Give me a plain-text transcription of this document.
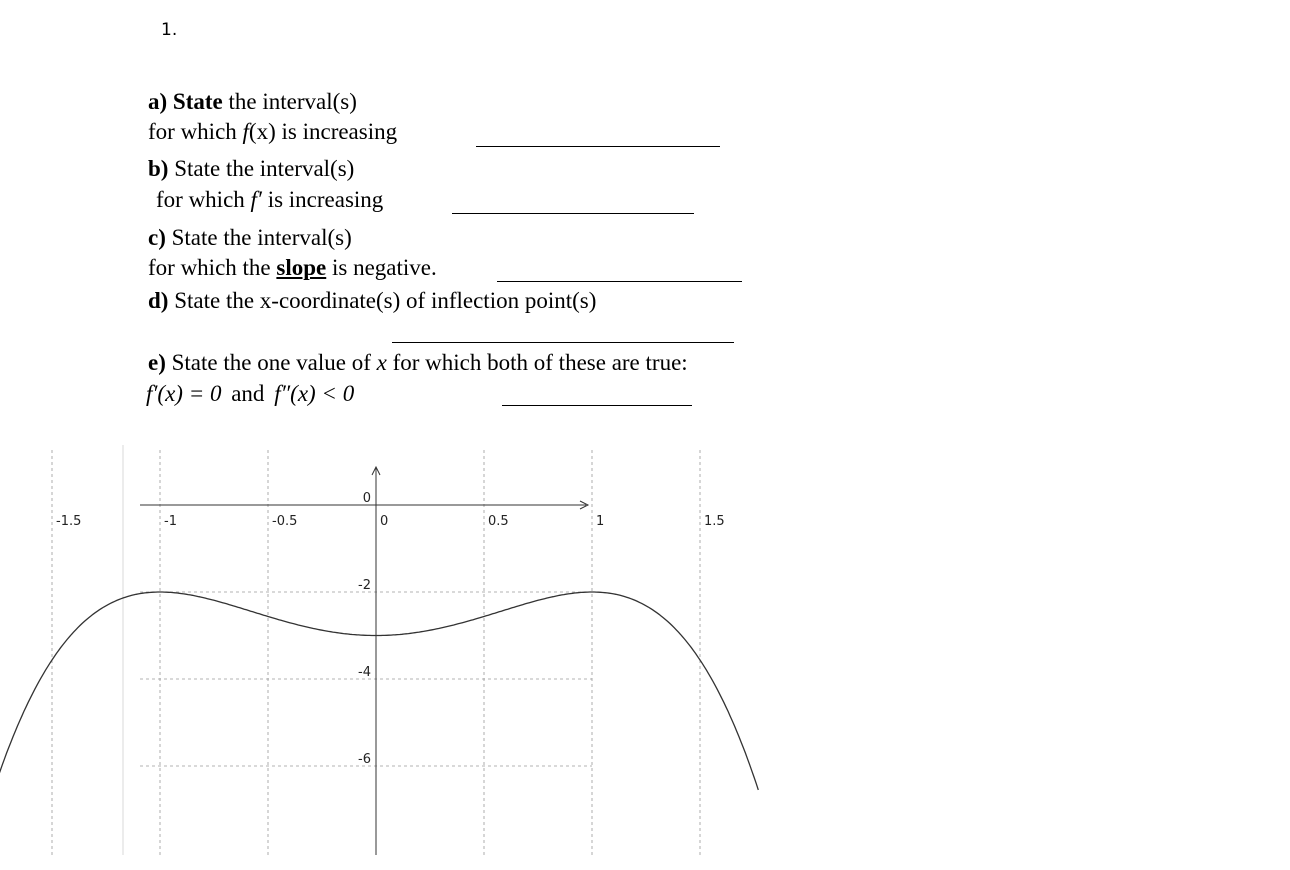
1.
a) State the interval(s)
for which f(x) is increasing
b) State the interval(s)
for which f′ is increasing
c) State the interval(s)
for which the slope is negative.
d) State the x-coordinate(s) of inflection point(s)
e) State the one value of x for which both of these are true:
f′(x) = 0 and f″(x) < 0
-1.5	-1	-0.5	0	0.5	1	1.5
0
-2
-4
-6
